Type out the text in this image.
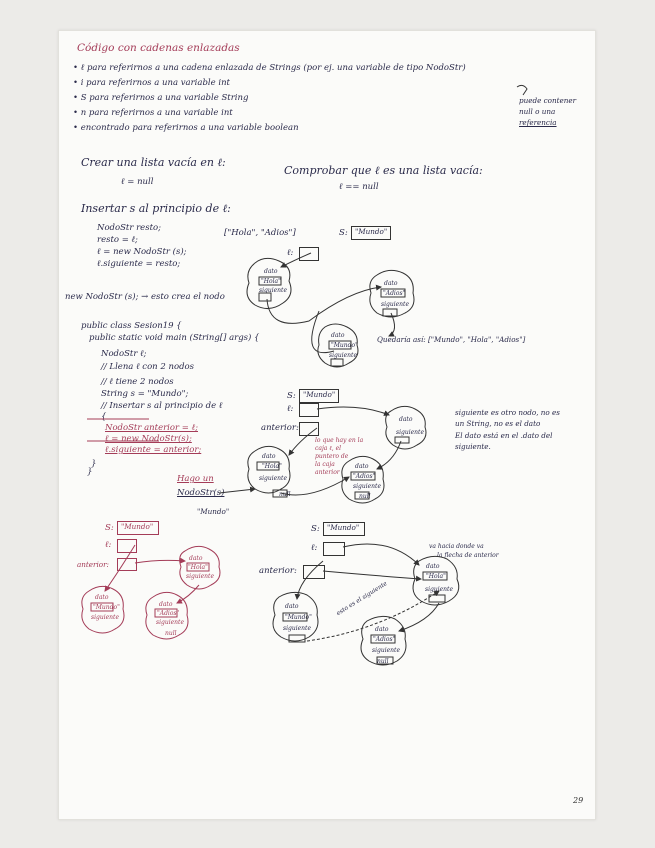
Código con cadenas enlazadas
• ℓ para referirnos a una cadena enlazada de Strings (por ej. una variable de tipo NodoStr)
• i para referirnos a una variable int
• S para referirnos a una variable String
• n para referirnos a una variable int
• encontrado para referirnos a una variable boolean
puede contener
null o una
referencia
Crear una lista vacía en ℓ:
ℓ = null
Comprobar que ℓ es una lista vacía:
ℓ == null
Insertar s al principio de ℓ:
NodoStr resto;
resto = ℓ;
ℓ = new NodoStr (s);
ℓ.siguiente = resto;
["Hola", "Adios"]	S: "Mundo"
ℓ:
new NodoStr (s); → esto crea el nodo
dato
"Hola"
siguiente
dato
"Adios"
siguiente
dato
"Mundo"
siguiente
Quedaría así: ["Mundo", "Hola", "Adios"]
public class Sesion19 {
public static void main (String[] args) {
NodoStr ℓ;
// Llena ℓ con 2 nodos
// ℓ tiene 2 nodos
String s = "Mundo";
// Insertar s al principio de ℓ
{
NodoStr anterior = ℓ;
ℓ = new NodoStr(s);
ℓ.siguiente = anterior;
}
}
S: "Mundo"
ℓ:
anterior:
lo que hay en la
caja ℓ, el
puntero de
la caja
anterior
dato
siguiente
dato
"Hola"
siguiente
dato
"Adios"
siguiente
null
null
siguiente es otro nodo, no es
un String, no es el dato
El dato está en el .dato del
siguiente.
Hago un
NodoStr(s)
"Mundo"
S: "Mundo"
ℓ:
anterior:
dato
"Hola"
siguiente
dato
"Mundo"
siguiente
dato
"Adios"
siguiente
null
S: "Mundo"
ℓ:
anterior:
va hacia donde va
la flecha de anterior
dato
"Hola"
siguiente
dato
"Mundo"
siguiente	dato
"Adios"
siguiente
null
esto es el siguiente
29
